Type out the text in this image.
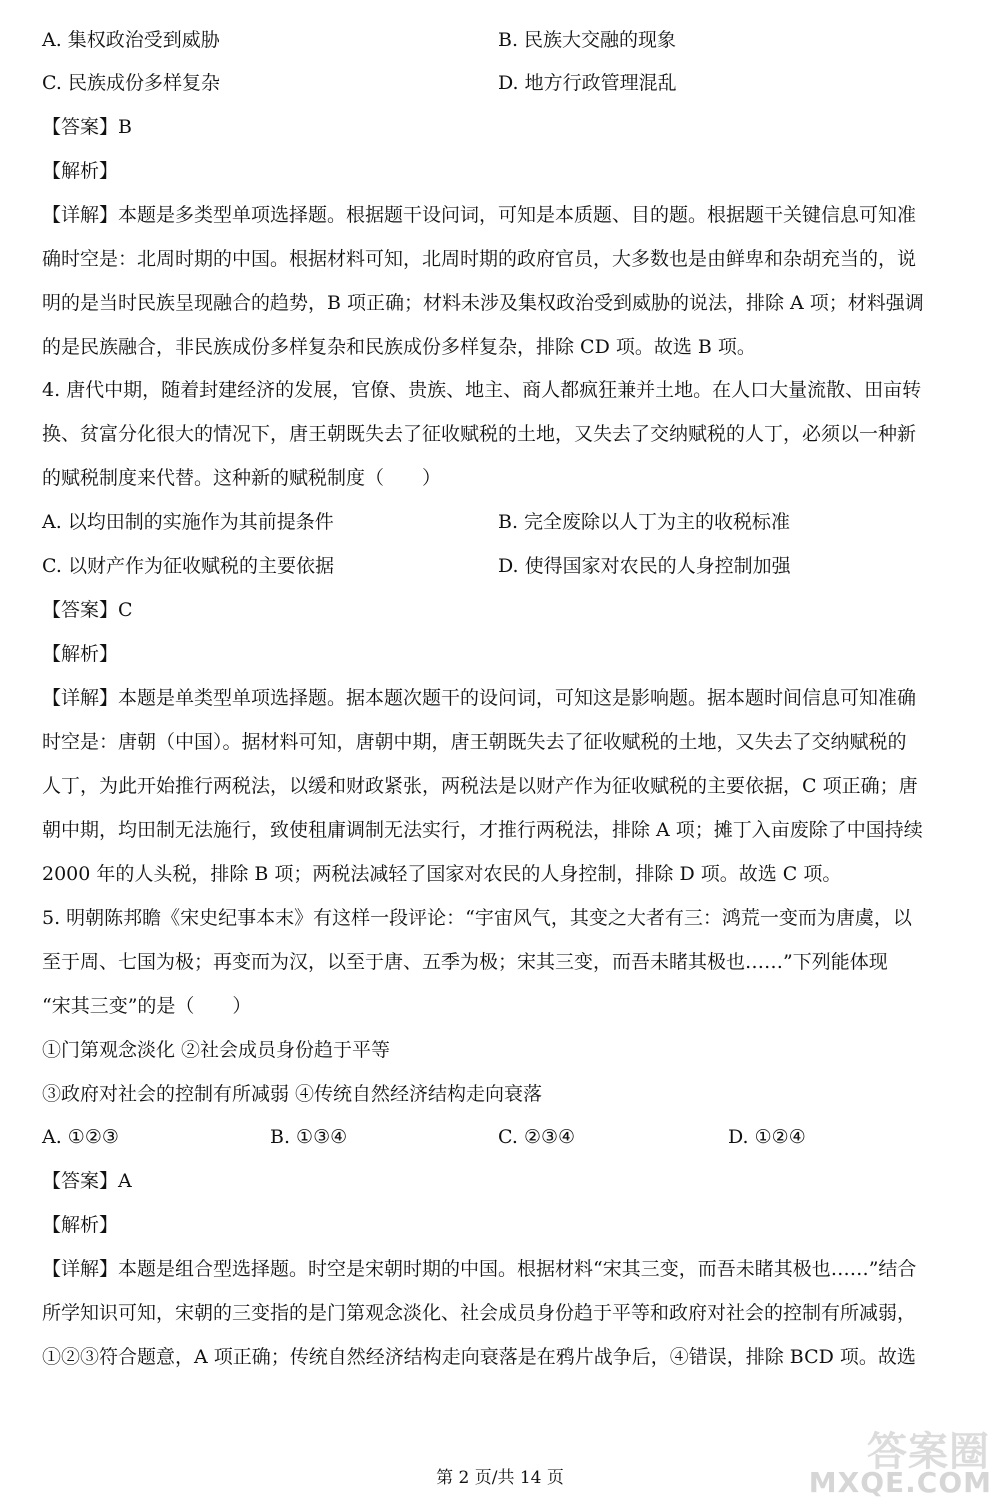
A. 集权政治受到威胁	B. 民族大交融的现象
C. 民族成份多样复杂	D. 地方行政管理混乱
【答案】B
【解析】
【详解】本题是多类型单项选择题。根据题干设问词，可知是本质题、目的题。根据题干关键信息可知准
确时空是：北周时期的中国。根据材料可知，北周时期的政府官员，大多数也是由鲜卑和杂胡充当的，说
明的是当时民族呈现融合的趋势，B 项正确；材料未涉及集权政治受到威胁的说法，排除 A 项；材料强调
的是民族融合，非民族成份多样复杂和民族成份多样复杂，排除 CD 项。故选 B 项。
4. 唐代中期，随着封建经济的发展，官僚、贵族、地主、商人都疯狂兼并土地。在人口大量流散、田亩转
换、贫富分化很大的情况下，唐王朝既失去了征收赋税的土地，又失去了交纳赋税的人丁，必须以一种新
的赋税制度来代替。这种新的赋税制度（　　）
A. 以均田制的实施作为其前提条件	B. 完全废除以人丁为主的收税标准
C. 以财产作为征收赋税的主要依据	D. 使得国家对农民的人身控制加强
【答案】C
【解析】
【详解】本题是单类型单项选择题。据本题次题干的设问词，可知这是影响题。据本题时间信息可知准确
时空是：唐朝（中国）。据材料可知，唐朝中期，唐王朝既失去了征收赋税的土地，又失去了交纳赋税的
人丁，为此开始推行两税法，以缓和财政紧张，两税法是以财产作为征收赋税的主要依据，C 项正确；唐
朝中期，均田制无法施行，致使租庸调制无法实行，才推行两税法，排除 A 项；摊丁入亩废除了中国持续
2000 年的人头税，排除 B 项；两税法减轻了国家对农民的人身控制，排除 D 项。故选 C 项。
5. 明朝陈邦瞻《宋史纪事本末》有这样一段评论：“宇宙风气，其变之大者有三：鸿荒一变而为唐虞，以
至于周、七国为极；再变而为汉，以至于唐、五季为极；宋其三变，而吾未睹其极也……”下列能体现
“宋其三变”的是（　　）
①门第观念淡化 ②社会成员身份趋于平等
③政府对社会的控制有所减弱 ④传统自然经济结构走向衰落
A. ①②③	B. ①③④	C. ②③④	D. ①②④
【答案】A
【解析】
【详解】本题是组合型选择题。时空是宋朝时期的中国。根据材料“宋其三变，而吾未睹其极也……”结合
所学知识可知，宋朝的三变指的是门第观念淡化、社会成员身份趋于平等和政府对社会的控制有所减弱，
①②③符合题意，A 项正确；传统自然经济结构走向衰落是在鸦片战争后，④错误，排除 BCD 项。故选
第 2 页/共 14 页
答案圈
MXQE.COM
